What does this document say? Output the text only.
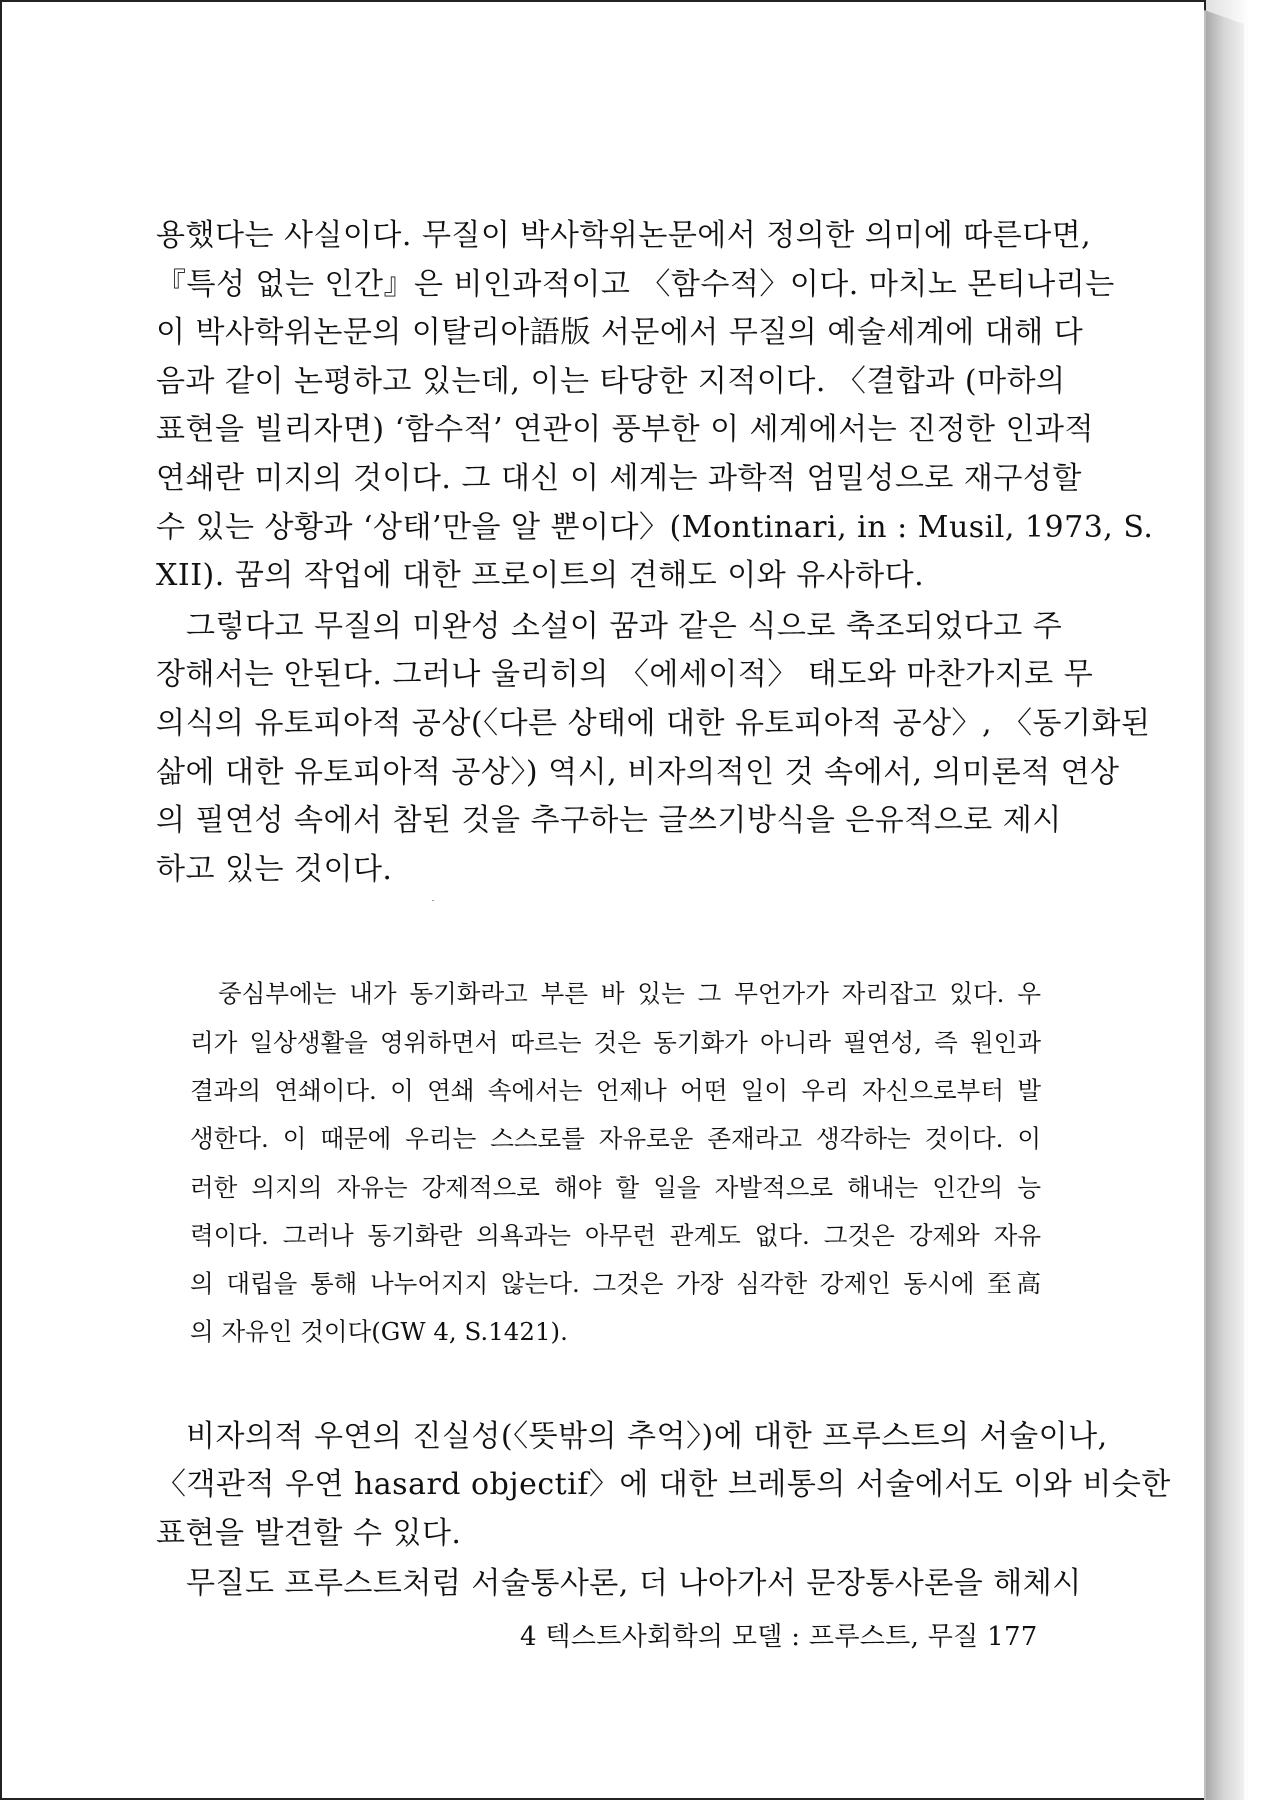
용했다는 사실이다. 무질이 박사학위논문에서 정의한 의미에 따른다면,
『특성 없는 인간』은 비인과적이고 〈함수적〉이다. 마치노 몬티나리는
이 박사학위논문의 이탈리아語版 서문에서 무질의 예술세계에 대해 다
음과 같이 논평하고 있는데, 이는 타당한 지적이다. 〈결합과 (마하의
표현을 빌리자면) ‘함수적’ 연관이 풍부한 이 세계에서는 진정한 인과적
연쇄란 미지의 것이다. 그 대신 이 세계는 과학적 엄밀성으로 재구성할
수 있는 상황과 ‘상태’만을 알 뿐이다〉(Montinari, in : Musil, 1973, S.
XII). 꿈의 작업에 대한 프로이트의 견해도 이와 유사하다.
그렇다고 무질의 미완성 소설이 꿈과 같은 식으로 축조되었다고 주
장해서는 안된다. 그러나 울리히의 〈에세이적〉 태도와 마찬가지로 무
의식의 유토피아적 공상(〈다른 상태에 대한 유토피아적 공상〉, 〈동기화된
삶에 대한 유토피아적 공상〉) 역시, 비자의적인 것 속에서, 의미론적 연상
의 필연성 속에서 참된 것을 추구하는 글쓰기방식을 은유적으로 제시
하고 있는 것이다.
중심부에는 내가 동기화라고 부른 바 있는 그 무언가가 자리잡고 있다. 우
리가 일상생활을 영위하면서 따르는 것은 동기화가 아니라 필연성, 즉 원인과
결과의 연쇄이다. 이 연쇄 속에서는 언제나 어떤 일이 우리 자신으로부터 발
생한다. 이 때문에 우리는 스스로를 자유로운 존재라고 생각하는 것이다. 이
러한 의지의 자유는 강제적으로 해야 할 일을 자발적으로 해내는 인간의 능
력이다. 그러나 동기화란 의욕과는 아무런 관계도 없다. 그것은 강제와 자유
의 대립을 통해 나누어지지 않는다. 그것은 가장 심각한 강제인 동시에 至高
의 자유인 것이다(GW 4, S.1421).
비자의적 우연의 진실성(〈뜻밖의 추억〉)에 대한 프루스트의 서술이나,
〈객관적 우연 hasard objectif〉에 대한 브레통의 서술에서도 이와 비슷한
표현을 발견할 수 있다.
무질도 프루스트처럼 서술통사론, 더 나아가서 문장통사론을 해체시
4 텍스트사회학의 모델 : 프루스트, 무질 177
